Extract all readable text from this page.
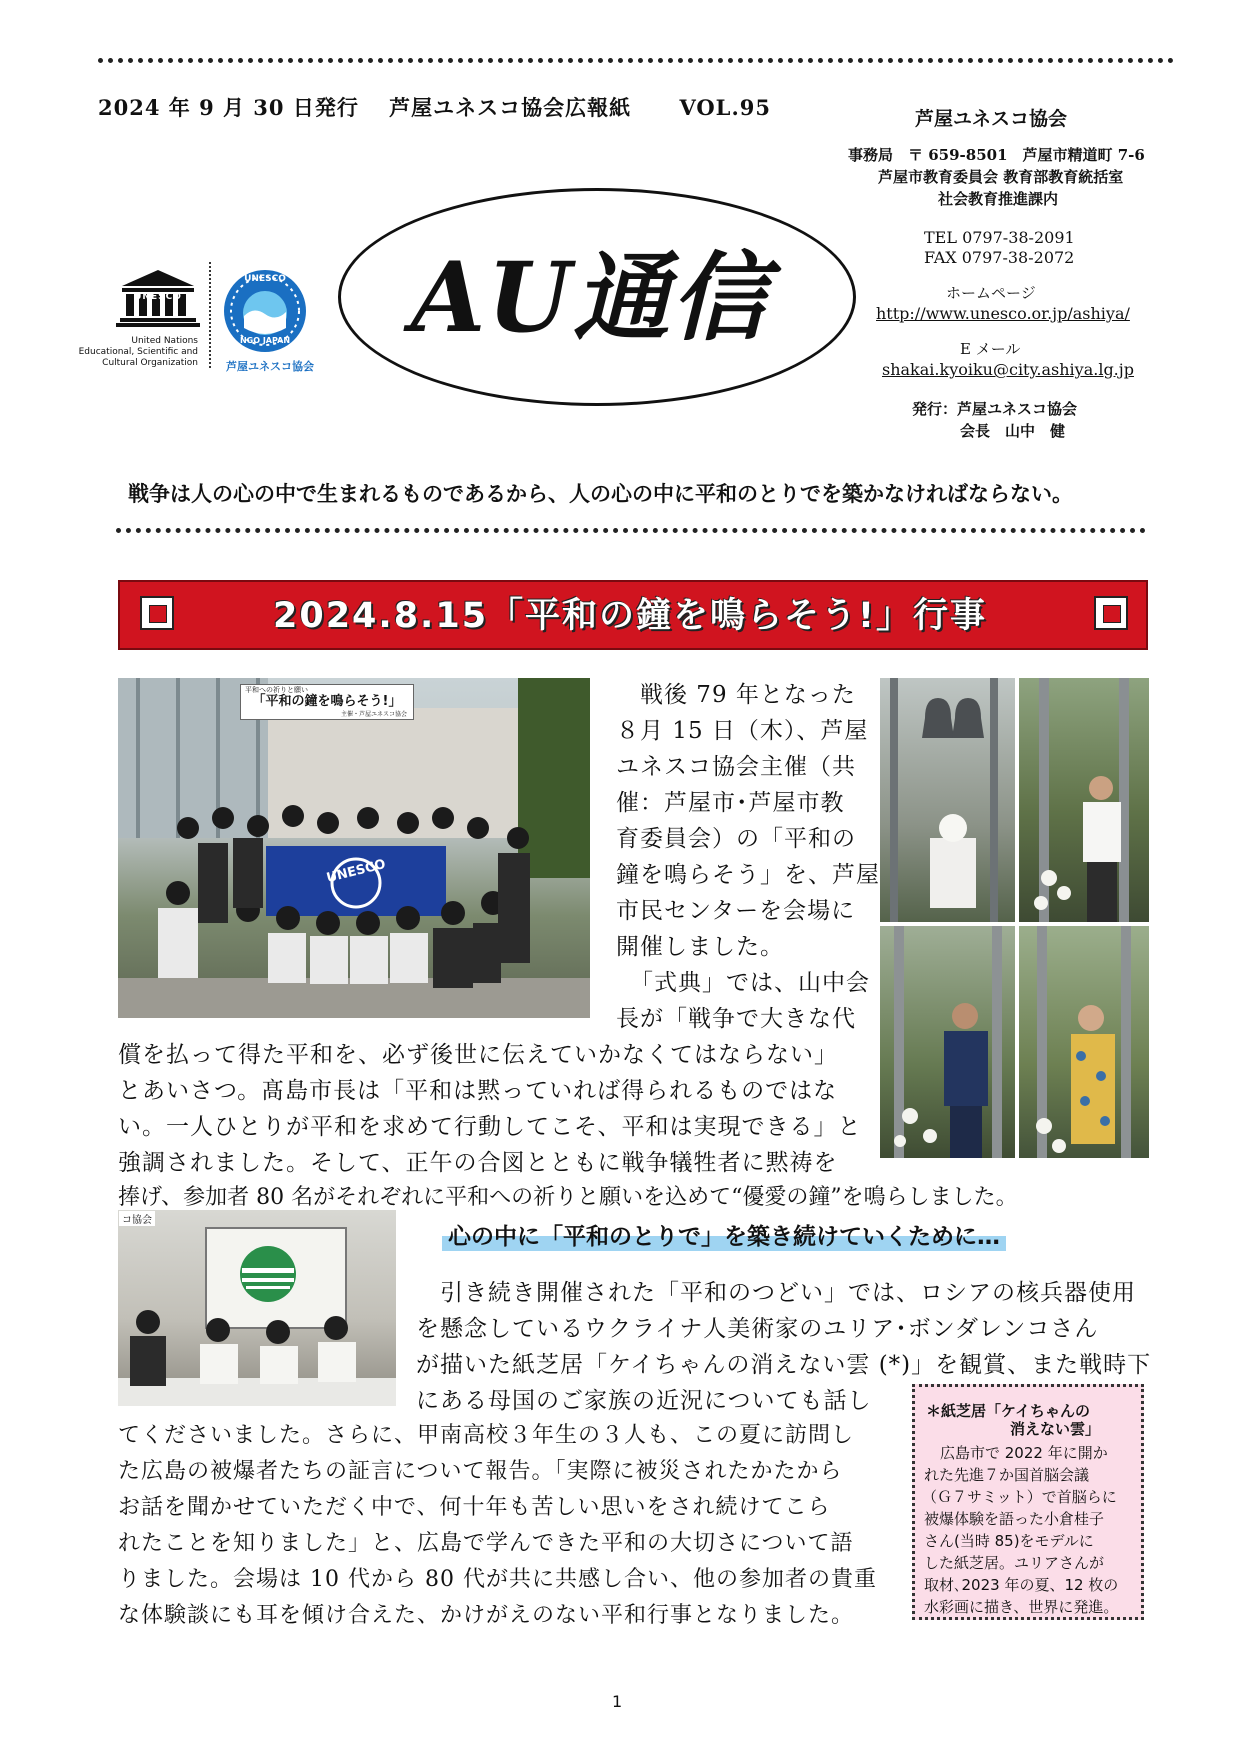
2024 年 9 月 30 日発行 芦屋ユネスコ協会広報紙 VOL.95	芦屋ユネスコ協会
事務局　〒 659-8501　芦屋市精道町 7-6
芦屋市教育委員会 教育部教育統括室
社会教育推進課内
TEL 0797-38-2091
FAX 0797-38-2072
ホームページ
http://www.unesco.or.jp/ashiya/
E メール
shakai.kyoiku@city.ashiya.lg.jp
発行：芦屋ユネスコ協会
会長　山中　健
UNESCO
United Nations
Educational, Scientific and
Cultural Organization
UNESCO
NGO JAPAN
芦屋ユネスコ協会
AU通信
戦争は人の心の中で生まれるものであるから、人の心の中に平和のとりでを築かなければならない。
2024.8.15「平和の鐘を鳴らそう!」行事
平和への祈りと願い
「平和の鐘を鳴らそう!」
主催・芦屋ユネスコ協会
UNESCO
戦後 79 年となった
８月 15 日（木）、芦屋
ユネスコ協会主催（共
催：芦屋市･芦屋市教
育委員会）の「平和の
鐘を鳴らそう」を、芦屋
市民センターを会場に
開催しました。
「式典」では、山中会
長が「戦争で大きな代
償を払って得た平和を、必ず後世に伝えていかなくてはならない」
とあいさつ。髙島市長は「平和は黙っていれば得られるものではな
い。一人ひとりが平和を求めて行動してこそ、平和は実現できる」と
強調されました。そして、正午の合図とともに戦争犠牲者に黙祷を
捧げ、参加者 80 名がそれぞれに平和への祈りと願いを込めて“優愛の鐘”を鳴らしました。
コ協会
心の中に「平和のとりで」を築き続けていくために…
引き続き開催された「平和のつどい」では、ロシアの核兵器使用
を懸念しているウクライナ人美術家のユリア･ボンダレンコさん
が描いた紙芝居「ケイちゃんの消えない雲 (*)」を観賞、また戦時下
にある母国のご家族の近況についても話し
てくださいました。さらに、甲南高校３年生の３人も、この夏に訪問し
た広島の被爆者たちの証言について報告。「実際に被災されたかたから
お話を聞かせていただく中で、何十年も苦しい思いをされ続けてこら
れたことを知りました」と、広島で学んできた平和の大切さについて語
りました。会場は 10 代から 80 代が共に共感し合い、他の参加者の貴重
な体験談にも耳を傾け合えた、かけがえのない平和行事となりました。
＊紙芝居「ケイちゃんの
消えない雲」
広島市で 2022 年に開か
れた先進７か国首脳会議
（Ｇ７サミット）で首脳らに
被爆体験を語った小倉桂子
さん(当時 85)をモデルに
した紙芝居。ユリアさんが
取材､2023 年の夏、12 枚の
水彩画に描き、世界に発進。
1
